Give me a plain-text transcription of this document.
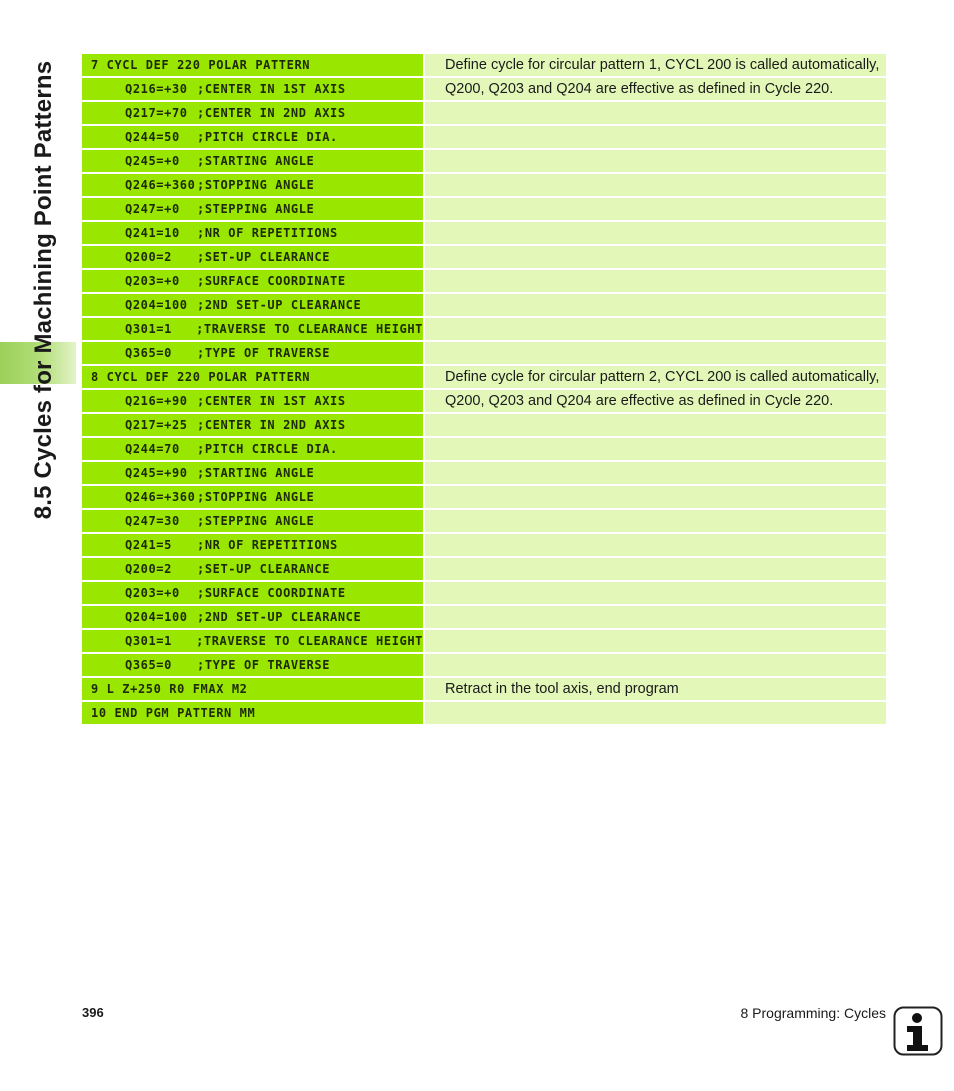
8.5 Cycles for Machining Point Patterns	7 CYCL DEF 220 POLAR PATTERN	Define cycle for circular pattern 1, CYCL 200 is called automatically,
Q216=+30 ;CENTER IN 1ST AXIS	Q200, Q203 and Q204 are effective as defined in Cycle 220.
Q217=+70 ;CENTER IN 2ND AXIS
Q244=50	;PITCH CIRCLE DIA.
Q245=+0	;STARTING ANGLE
Q246=+360 ;STOPPING ANGLE
Q247=+0	;STEPPING ANGLE
Q241=10	;NR OF REPETITIONS
Q200=2	;SET-UP CLEARANCE
Q203=+0	;SURFACE COORDINATE
Q204=100 ;2ND SET-UP CLEARANCE
Q301=1	;TRAVERSE TO CLEARANCE HEIGHT
Q365=0	;TYPE OF TRAVERSE
8 CYCL DEF 220 POLAR PATTERN	Define cycle for circular pattern 2, CYCL 200 is called automatically,
Q216=+90 ;CENTER IN 1ST AXIS	Q200, Q203 and Q204 are effective as defined in Cycle 220.
Q217=+25 ;CENTER IN 2ND AXIS
Q244=70	;PITCH CIRCLE DIA.
Q245=+90 ;STARTING ANGLE
Q246=+360 ;STOPPING ANGLE
Q247=30	;STEPPING ANGLE
Q241=5	;NR OF REPETITIONS
Q200=2	;SET-UP CLEARANCE
Q203=+0	;SURFACE COORDINATE
Q204=100 ;2ND SET-UP CLEARANCE
Q301=1	;TRAVERSE TO CLEARANCE HEIGHT
Q365=0	;TYPE OF TRAVERSE
9 L Z+250 R0 FMAX M2	Retract in the tool axis, end program
10 END PGM PATTERN MM
396	8 Programming: Cycles
